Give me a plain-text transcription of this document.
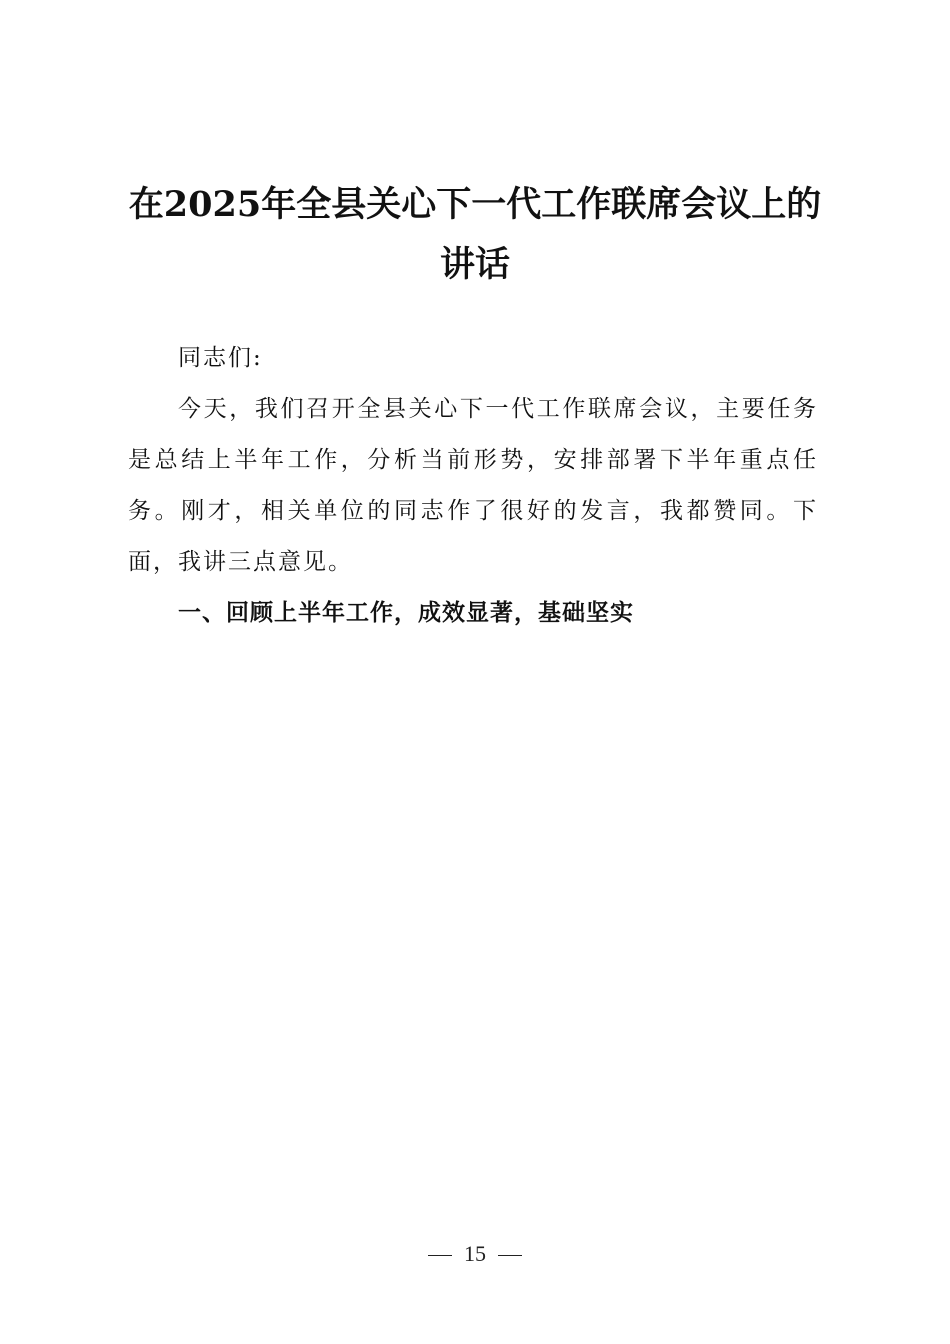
在2025年全县关心下一代工作联席会议上的
讲话

同志们:

今天，我们召开全县关心下一代工作联席会议，主要任务是总结上半年工作，分析当前形势，安排部署下半年重点任务。刚才，相关单位的同志作了很好的发言，我都赞同。下面，我讲三点意见。

一、回顾上半年工作，成效显著，基础坚实

15
